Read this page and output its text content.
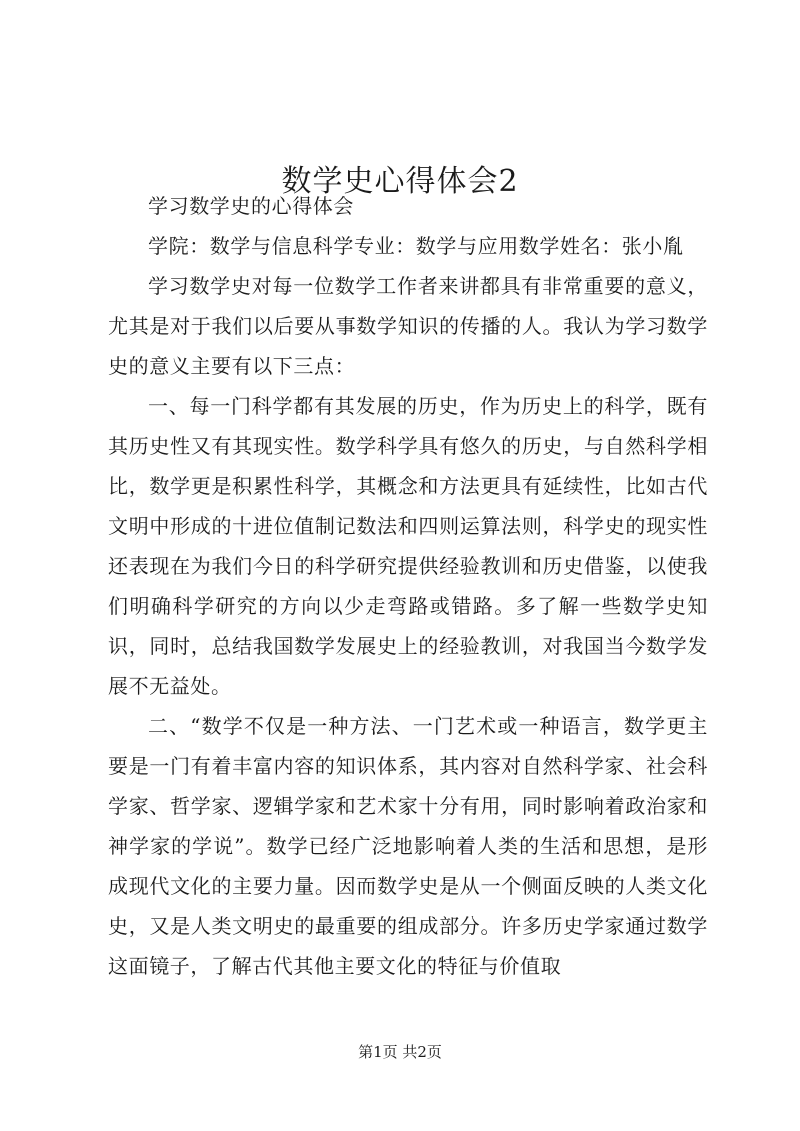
数学史心得体会2

学习数学史的心得体会

学院：数学与信息科学专业：数学与应用数学姓名：张小胤

学习数学史对每一位数学工作者来讲都具有非常重要的意义，尤其是对于我们以后要从事数学知识的传播的人。我认为学习数学史的意义主要有以下三点：

一、每一门科学都有其发展的历史，作为历史上的科学，既有其历史性又有其现实性。数学科学具有悠久的历史，与自然科学相比，数学更是积累性科学，其概念和方法更具有延续性，比如古代文明中形成的十进位值制记数法和四则运算法则，科学史的现实性还表现在为我们今日的科学研究提供经验教训和历史借鉴，以使我们明确科学研究的方向以少走弯路或错路。多了解一些数学史知识，同时，总结我国数学发展史上的经验教训，对我国当今数学发展不无益处。

二、“数学不仅是一种方法、一门艺术或一种语言，数学更主要是一门有着丰富内容的知识体系，其内容对自然科学家、社会科学家、哲学家、逻辑学家和艺术家十分有用，同时影响着政治家和神学家的学说”。数学已经广泛地影响着人类的生活和思想，是形成现代文化的主要力量。因而数学史是从一个侧面反映的人类文化史，又是人类文明史的最重要的组成部分。许多历史学家通过数学这面镜子，了解古代其他主要文化的特征与价值取

第1页 共2页
